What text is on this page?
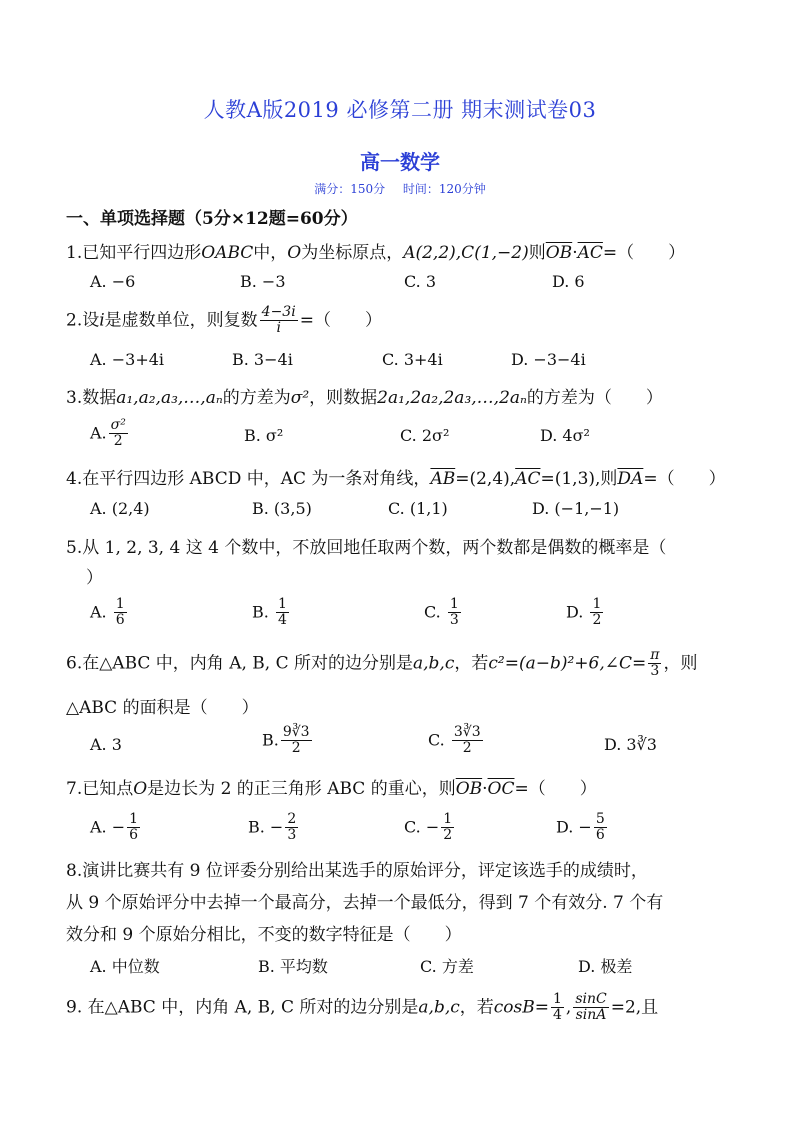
人教A版2019 必修第二册 期末测试卷03
高一数学
满分：150分 时间：120分钟
一、单项选择题（5分×12题=60分）
1.已知平行四边形OABC中，O为坐标原点，A(2,2),C(1,−2)则$\overline{OB}\cdot\overline{AC}=$（　　）
A. −6	B. −3	C. 3	D. 6
2.设i是虚数单位，则复数 $\frac{4-3i}{i}$ =（　　）
A. −3+4i	B. 3−4i	C. 3+4i	D. −3−4i
3.数据a₁,a₂,a₃,…,aₙ的方差为σ²，则数据2a₁,2a₂,2a₃,…,2aₙ的方差为（　　）
A. $\frac{\text{σ²}}{2}$	B. σ²	C. 2σ²	D. 4σ²
4.在平行四边形 ABCD 中，AC 为一条对角线，$\overline{AB}=(2,4),\overline{AC}=(1,3)$,则$\overline{DA}=$（　　）
A. (2,4)	B. (3,5)	C. (1,1)	D. (−1,−1)
5.从 1, 2, 3, 4 这 4 个数中，不放回地任取两个数，两个数都是偶数的概率是（
）
A. $\frac{1}{6}$	B. $\frac{1}{4}$	C. $\frac{1}{3}$	D. $\frac{1}{2}$
6.在△ABC 中，内角 A, B, C 所对的边分别是a,b,c，若c²=(a−b)²+6,∠C= $\frac{\pi}{3}$ ，则
△ABC 的面积是（　　）
A. 3	B. $\frac{9∛3}{2}$	C. $\frac{3∛3}{2}$	D. 3∛3
7.已知点O是边长为 2 的正三角形 ABC 的重心，则$\overline{OB}\cdot\overline{OC}=$（　　）
A. − $\frac{1}{6}$	B. − $\frac{2}{3}$	C. − $\frac{1}{2}$	D. − $\frac{5}{6}$
8.演讲比赛共有 9 位评委分别给出某选手的原始评分，评定该选手的成绩时，
从 9 个原始评分中去掉一个最高分，去掉一个最低分，得到 7 个有效分. 7 个有
效分和 9 个原始分相比，不变的数字特征是（　　）
A. 中位数	B. 平均数	C. 方差	D. 极差
9. 在△ABC 中，内角 A, B, C 所对的边分别是a,b,c，若$\cos B= \frac{1}{4}$ , $\frac{\sin C}{\sin A} =2$,且
